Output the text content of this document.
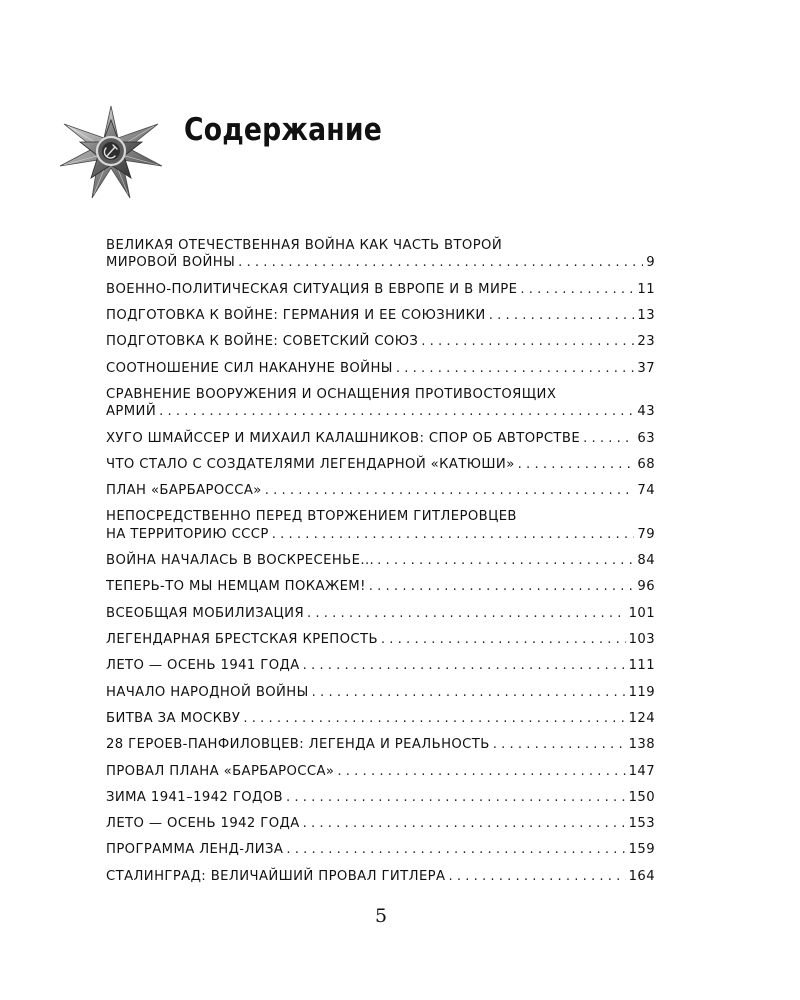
Содержание
ВЕЛИКАЯ ОТЕЧЕСТВЕННАЯ ВОЙНА КАК ЧАСТЬ ВТОРОЙ
МИРОВОЙ ВОЙНЫ . . .	9
ВОЕННО-ПОЛИТИЧЕСКАЯ СИТУАЦИЯ В ЕВРОПЕ И В МИРЕ . . .	11
ПОДГОТОВКА К ВОЙНЕ: ГЕРМАНИЯ И ЕЕ СОЮЗНИКИ . . .	13
ПОДГОТОВКА К ВОЙНЕ: СОВЕТСКИЙ СОЮЗ . . .	23
СООТНОШЕНИЕ СИЛ НАКАНУНЕ ВОЙНЫ . . .	37
СРАВНЕНИЕ ВООРУЖЕНИЯ И ОСНАЩЕНИЯ ПРОТИВОСТОЯЩИХ
АРМИЙ . . .	43
ХУГО ШМАЙССЕР И МИХАИЛ КАЛАШНИКОВ: СПОР ОБ АВТОРСТВЕ . . .	63
ЧТО СТАЛО С СОЗДАТЕЛЯМИ ЛЕГЕНДАРНОЙ «КАТЮШИ» . . .	68
ПЛАН «БАРБАРОССА» . . .	74
НЕПОСРЕДСТВЕННО ПЕРЕД ВТОРЖЕНИЕМ ГИТЛЕРОВЦЕВ
НА ТЕРРИТОРИЮ СССР . . .	79
ВОЙНА НАЧАЛАСЬ В ВОСКРЕСЕНЬЕ... . . .	84
ТЕПЕРЬ-ТО МЫ НЕМЦАМ ПОКАЖЕМ! . . .	96
ВСЕОБЩАЯ МОБИЛИЗАЦИЯ . . .	101
ЛЕГЕНДАРНАЯ БРЕСТСКАЯ КРЕПОСТЬ . . .	103
ЛЕТО — ОСЕНЬ 1941 ГОДА . . .	111
НАЧАЛО НАРОДНОЙ ВОЙНЫ . . .	119
БИТВА ЗА МОСКВУ . . .	124
28 ГЕРОЕВ-ПАНФИЛОВЦЕВ: ЛЕГЕНДА И РЕАЛЬНОСТЬ . . .	138
ПРОВАЛ ПЛАНА «БАРБАРОССА» . . .	147
ЗИМА 1941–1942 ГОДОВ . . .	150
ЛЕТО — ОСЕНЬ 1942 ГОДА . . .	153
ПРОГРАММА ЛЕНД-ЛИЗА . . .	159
СТАЛИНГРАД: ВЕЛИЧАЙШИЙ ПРОВАЛ ГИТЛЕРА . . .	164
5
